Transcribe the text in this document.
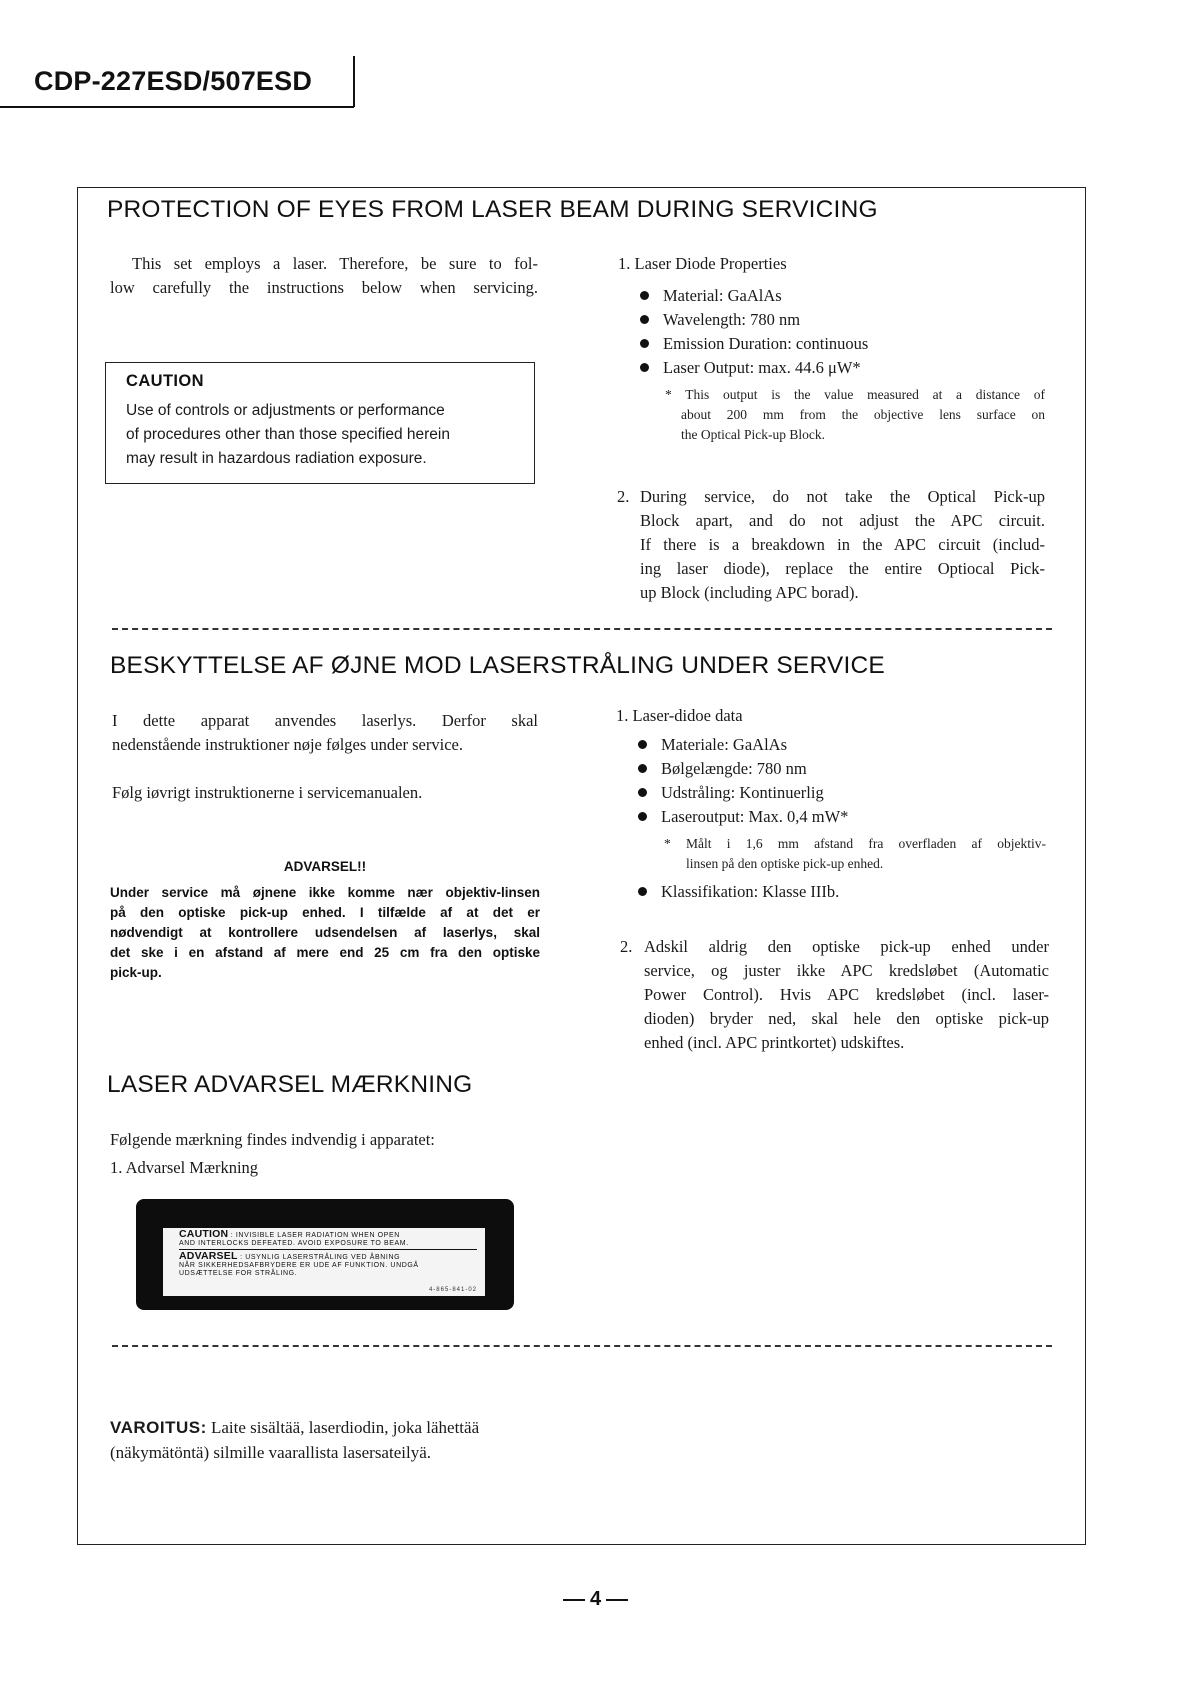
CDP-227ESD/507ESD
PROTECTION OF EYES FROM LASER BEAM DURING SERVICING
This set employs a laser. Therefore, be sure to fol-
low carefully the instructions below when servicing.
CAUTION
Use of controls or adjustments or performance
of procedures other than those specified herein
may result in hazardous radiation exposure.
1. Laser Diode Properties
Material: GaAlAs
Wavelength: 780 nm
Emission Duration: continuous
Laser Output: max. 44.6 μW*
* This output is the value measured at a distance of
about 200 mm from the objective lens surface on
the Optical Pick-up Block.
2. During service, do not take the Optical Pick-up
Block apart, and do not adjust the APC circuit.
If there is a breakdown in the APC circuit (includ-
ing laser diode), replace the entire Optiocal Pick-
up Block (including APC borad).
BESKYTTELSE AF ØJNE MOD LASERSTRÅLING UNDER SERVICE
I dette apparat anvendes laserlys. Derfor skal
nedenstående instruktioner nøje følges under service.
Følg iøvrigt instruktionerne i servicemanualen.
ADVARSEL!!
Under service må øjnene ikke komme nær objektiv-linsen
på den optiske pick-up enhed. I tilfælde af at det er
nødvendigt at kontrollere udsendelsen af laserlys, skal
det ske i en afstand af mere end 25 cm fra den optiske
pick-up.
1. Laser-didoe data
Materiale: GaAlAs
Bølgelængde: 780 nm
Udstråling: Kontinuerlig
Laseroutput: Max. 0,4 mW*
* Målt i 1,6 mm afstand fra overfladen af objektiv-
linsen på den optiske pick-up enhed.
Klassifikation: Klasse IIIb.
2. Adskil aldrig den optiske pick-up enhed under
service, og juster ikke APC kredsløbet (Automatic
Power Control). Hvis APC kredsløbet (incl. laser-
dioden) bryder ned, skal hele den optiske pick-up
enhed (incl. APC printkortet) udskiftes.
LASER ADVARSEL MÆRKNING
Følgende mærkning findes indvendig i apparatet:
1. Advarsel Mærkning
CAUTION : INVISIBLE LASER RADIATION WHEN OPEN
AND INTERLOCKS DEFEATED. AVOID EXPOSURE TO BEAM.
ADVARSEL : USYNLIG LASERSTRÅLING VED ÅBNING
NÅR SIKKERHEDSAFBRYDERE ER UDE AF FUNKTION. UNDGÅ
UDSÆTTELSE FOR STRÅLING.
4-865-841-02
VAROITUS: Laite sisältää, laserdiodin, joka lähettää
(näkymätöntä) silmille vaarallista lasersateilyä.
4
